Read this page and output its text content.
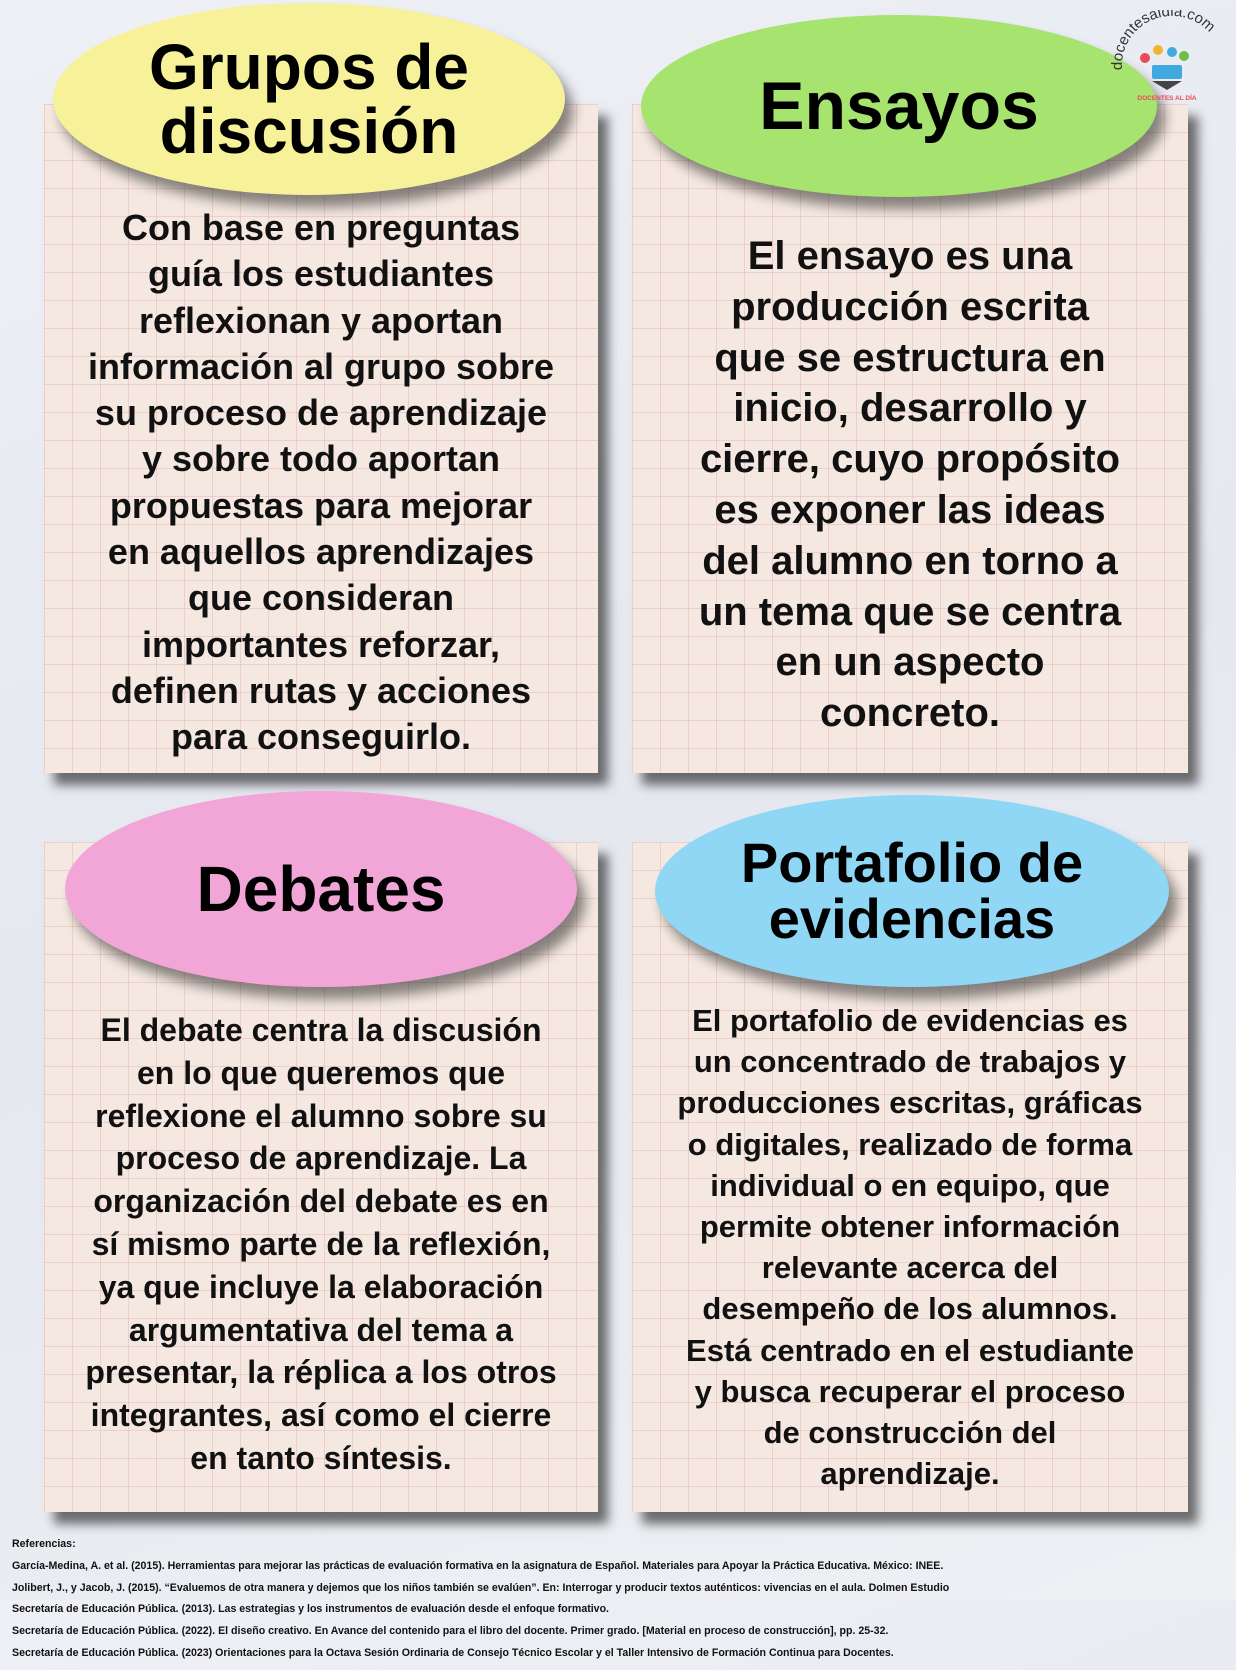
Grupos de
discusión
Con base en preguntas
guía los estudiantes
reflexionan y aportan
información al grupo sobre
su proceso de aprendizaje
y sobre todo aportan
propuestas para mejorar
en aquellos aprendizajes
que consideran
importantes reforzar,
definen rutas y acciones
para conseguirlo.
Ensayos
El ensayo es una
producción escrita
que se estructura en
inicio, desarrollo y
cierre, cuyo propósito
es exponer las ideas
del alumno en torno a
un tema que se centra
en un aspecto
concreto.
Debates
El debate centra la discusión
en lo que queremos que
reflexione el alumno sobre su
proceso de aprendizaje. La
organización del debate es en
sí mismo parte de la reflexión,
ya que incluye la elaboración
argumentativa del tema a
presentar, la réplica a los otros
integrantes, así como el cierre
en tanto síntesis.
Portafolio de
evidencias
El portafolio de evidencias es
un concentrado de trabajos y
producciones escritas, gráficas
o digitales, realizado de forma
individual o en equipo, que
permite obtener información
relevante acerca del
desempeño de los alumnos.
Está centrado en el estudiante
y busca recuperar el proceso
de construcción del
aprendizaje.
docentesaldia.com
DOCENTES AL DÍA

Referencias:

García-Medina, A. et al. (2015). Herramientas para mejorar las prácticas de evaluación formativa en la asignatura de Español. Materiales para Apoyar la Práctica Educativa. México: INEE.

Jolibert, J., y Jacob, J. (2015). “Evaluemos de otra manera y dejemos que los niños también se evalúen”. En: Interrogar y producir textos auténticos: vivencias en el aula. Dolmen Estudio

Secretaría de Educación Pública. (2013). Las estrategias y los instrumentos de evaluación desde el enfoque formativo.

Secretaría de Educación Pública. (2022). El diseño creativo. En Avance del contenido para el libro del docente. Primer grado. [Material en proceso de construcción], pp. 25-32.

Secretaría de Educación Pública. (2023) Orientaciones para la Octava Sesión Ordinaria de Consejo Técnico Escolar y el Taller Intensivo de Formación Continua para Docentes.
